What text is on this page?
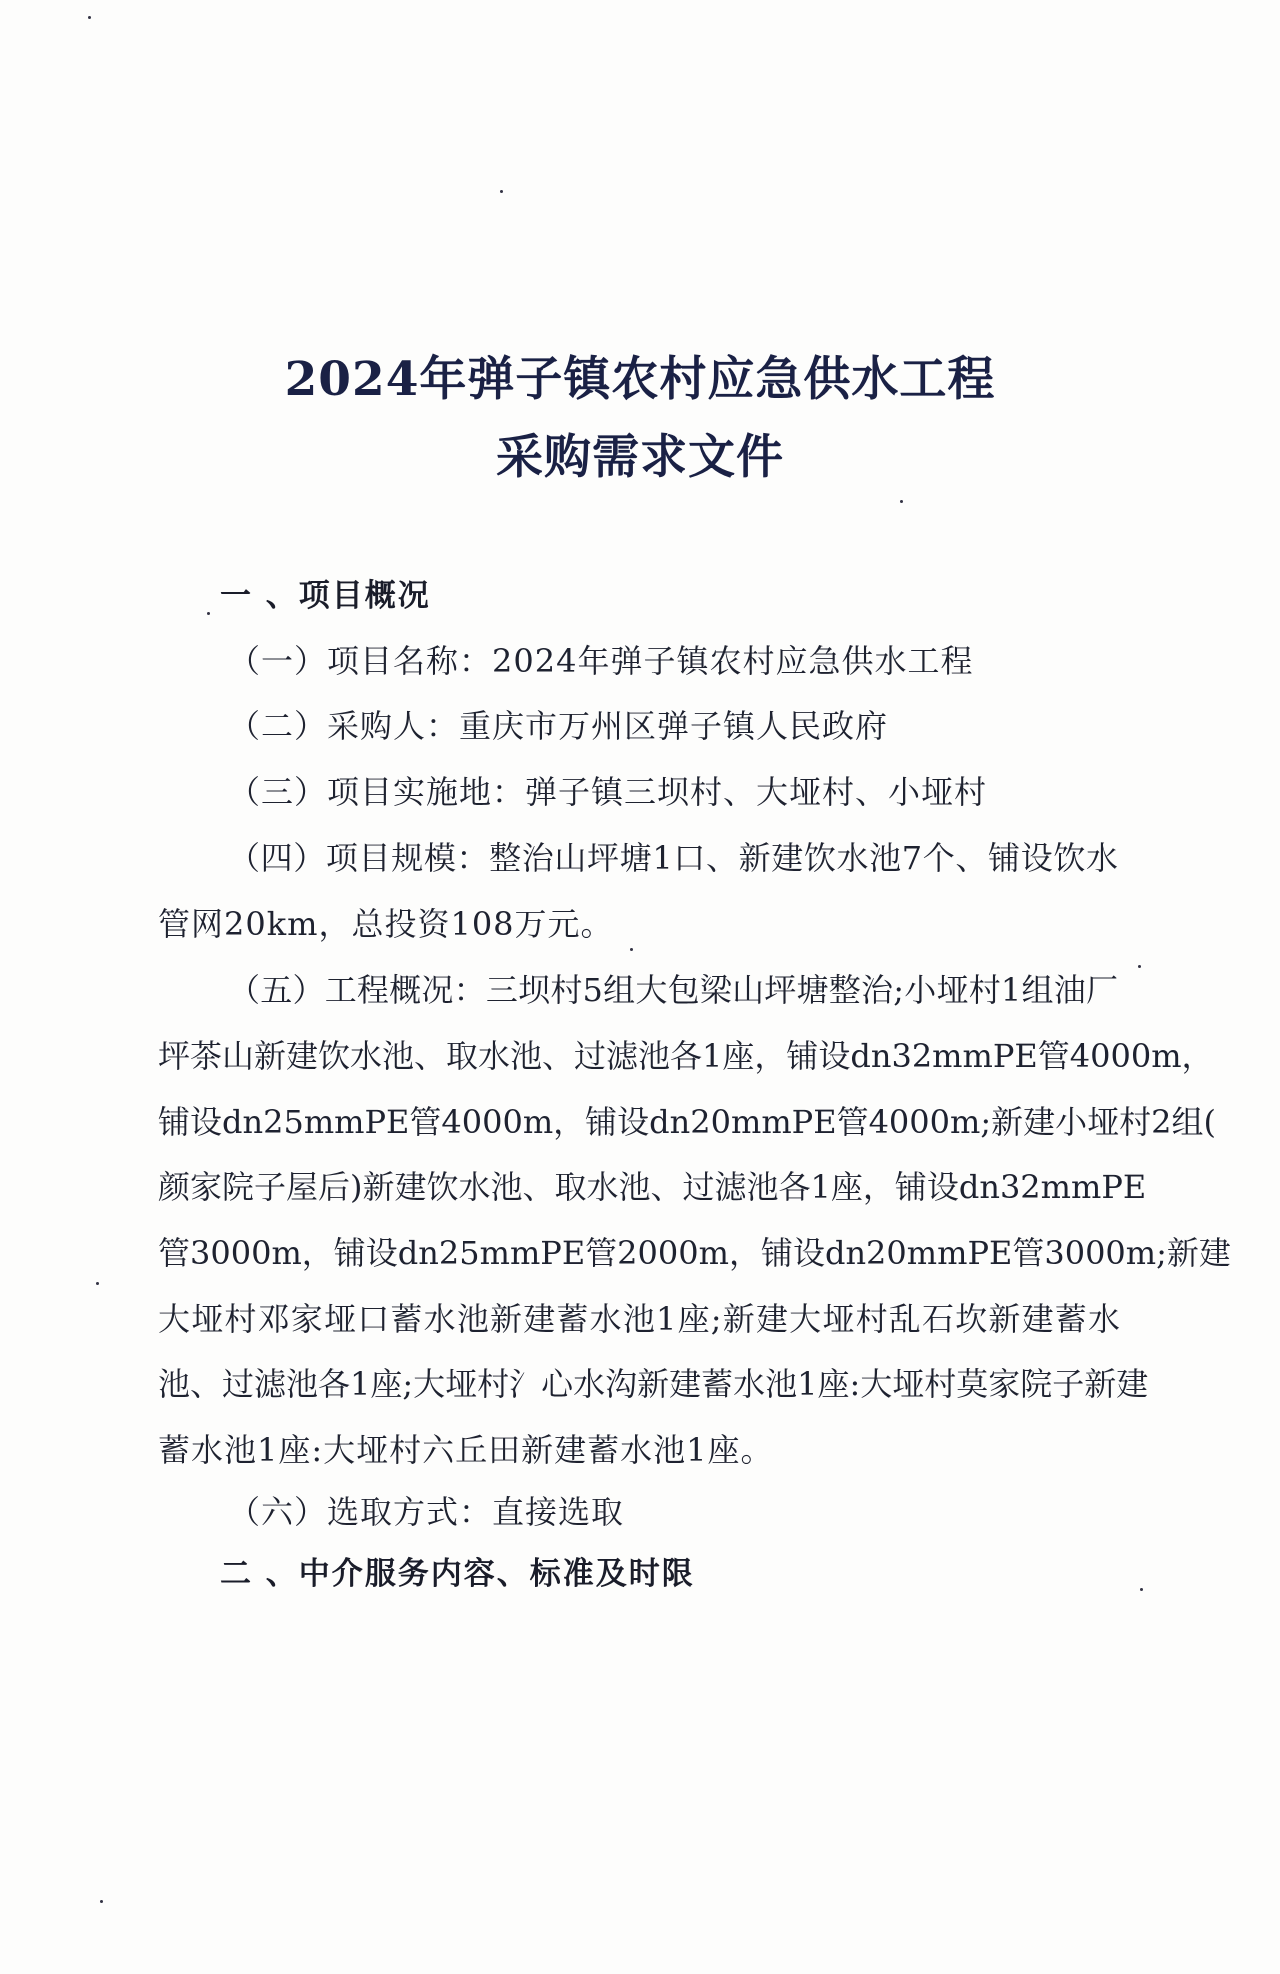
2024年弹子镇农村应急供水工程
采购需求文件
一 、项目概况
（一）项目名称：2024年弹子镇农村应急供水工程
（二）采购人：重庆市万州区弹子镇人民政府
（三）项目实施地：弹子镇三坝村、大垭村、小垭村
（四）项目规模：整治山坪塘1口、新建饮水池7个、铺设饮水
管网20km，总投资108万元。
（五）工程概况：三坝村5组大包梁山坪塘整治;小垭村1组油厂
坪茶山新建饮水池、取水池、过滤池各1座，铺设dn32mmPE管4000m，
铺设dn25mmPE管4000m，铺设dn20mmPE管4000m;新建小垭村2组(
颜家院子屋后)新建饮水池、取水池、过滤池各1座，铺设dn32mmPE
管3000m，铺设dn25mmPE管2000m，铺设dn20mmPE管3000m;新建
大垭村邓家垭口蓄水池新建蓄水池1座;新建大垭村乱石坎新建蓄水
池、过滤池各1座;大垭村氵心水沟新建蓄水池1座:大垭村莫家院子新建
蓄水池1座:大垭村六丘田新建蓄水池1座。
（六）选取方式：直接选取
二 、中介服务内容、标准及时限
